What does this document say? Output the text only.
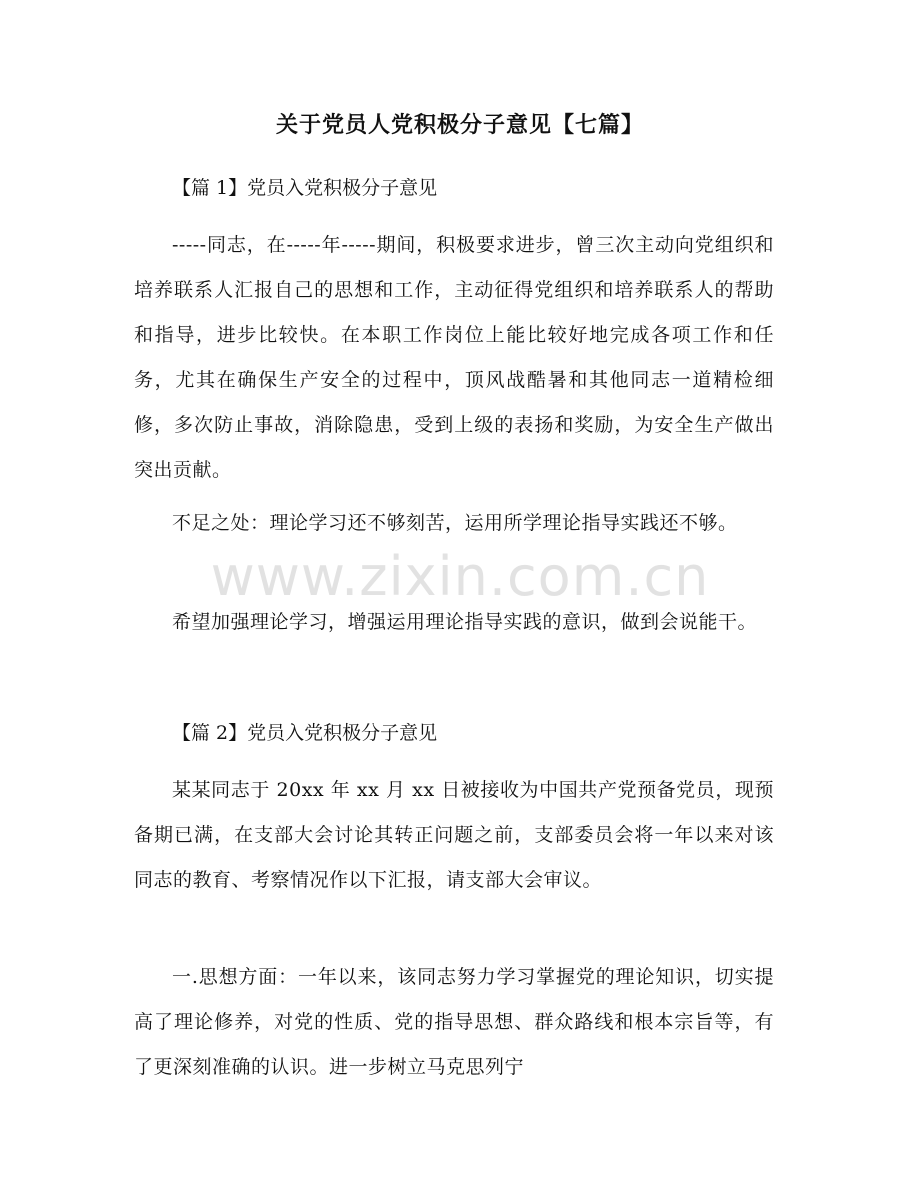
关于党员人党积极分子意见【七篇】
【篇 1】党员入党积极分子意见
-----同志，在-----年-----期间，积极要求进步，曾三次主动向党组织和培养联系人汇报自己的思想和工作，主动征得党组织和培养联系人的帮助和指导，进步比较快。在本职工作岗位上能比较好地完成各项工作和任务，尤其在确保生产安全的过程中，顶风战酷暑和其他同志一道精检细修，多次防止事故，消除隐患，受到上级的表扬和奖励，为安全生产做出突出贡献。
不足之处：理论学习还不够刻苦，运用所学理论指导实践还不够。
希望加强理论学习，增强运用理论指导实践的意识，做到会说能干。
【篇 2】党员入党积极分子意见
某某同志于 20xx 年 xx 月 xx 日被接收为中国共产党预备党员，现预备期已满，在支部大会讨论其转正问题之前，支部委员会将一年以来对该同志的教育、考察情况作以下汇报，请支部大会审议。
一.思想方面：一年以来，该同志努力学习掌握党的理论知识，切实提高了理论修养，对党的性质、党的指导思想、群众路线和根本宗旨等，有了更深刻准确的认识。进一步树立马克思列宁
www.zixin.com.cn
